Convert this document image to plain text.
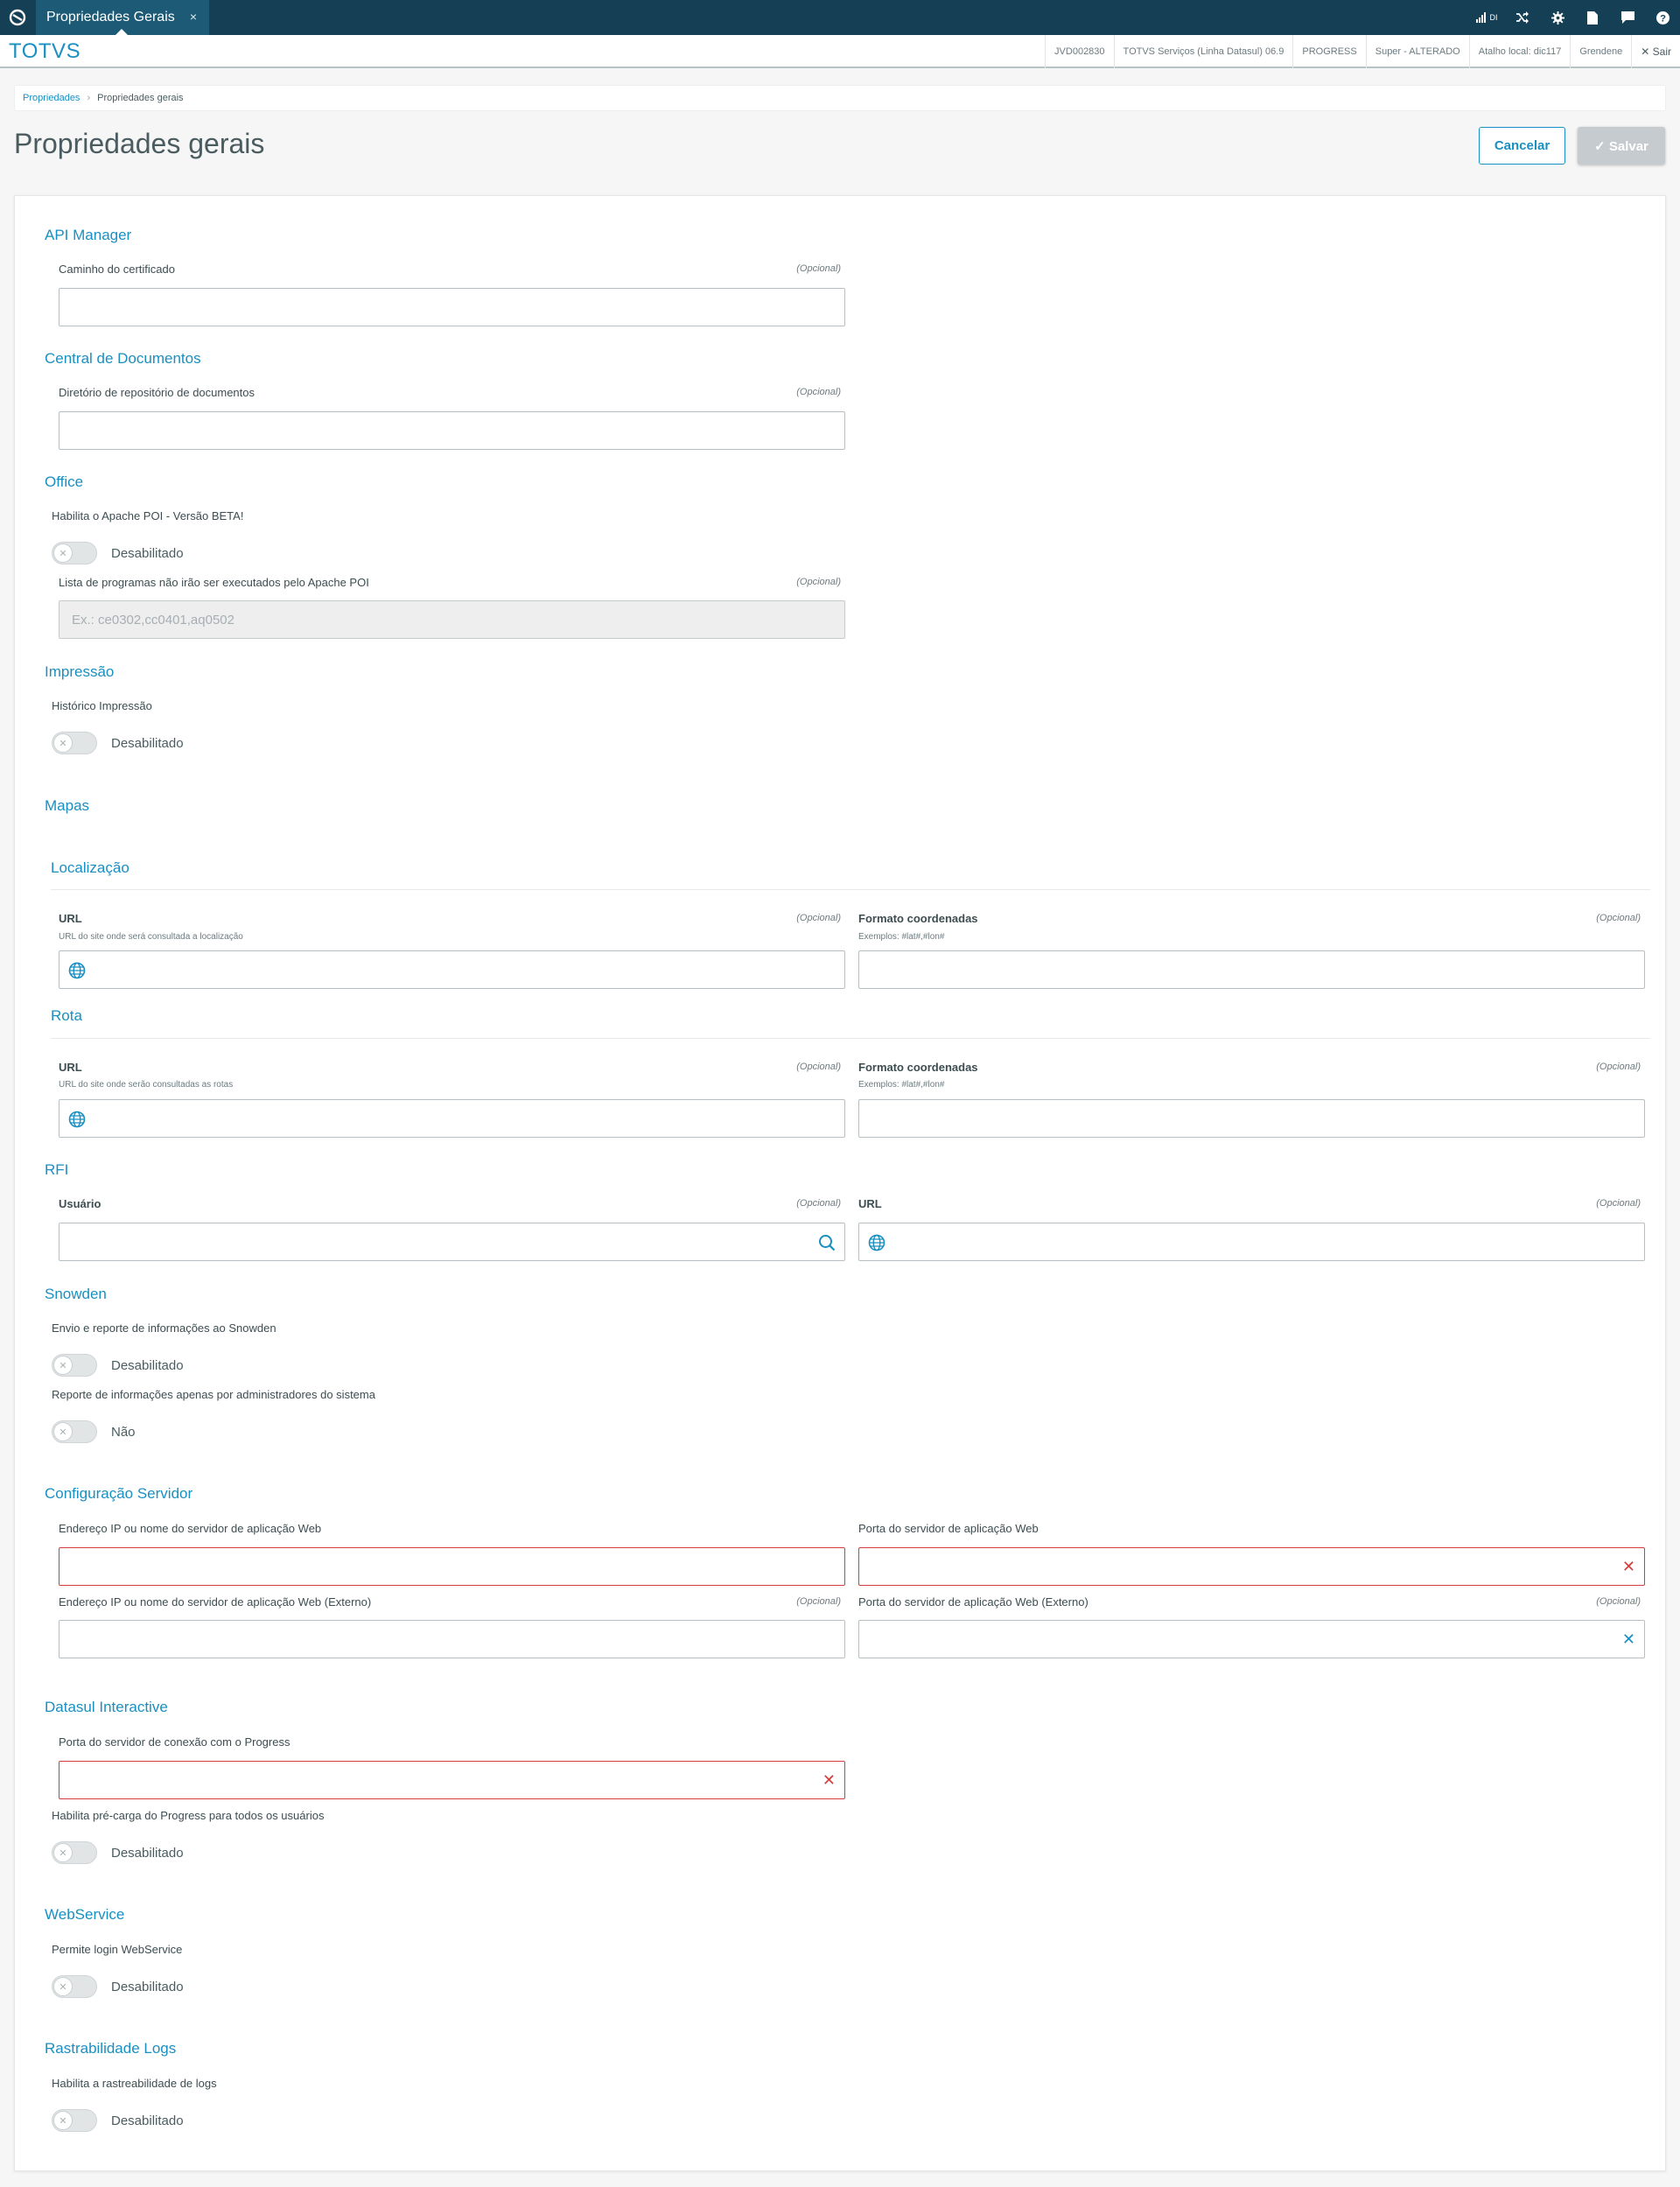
Propriedades Gerais ×	DI	?
TOTVS	JVD002830	TOTVS Serviços (Linha Datasul) 06.9	PROGRESS	Super - ALTERADO	Atalho local: dic117	Grendene	✕ Sair
Propriedades › Propriedades gerais
Propriedades gerais	Cancelar	✓ Salvar
API Manager
Caminho do certificado	(Opcional)
Central de Documentos
Diretório de repositório de documentos	(Opcional)
Office
Habilita o Apache POI - Versão BETA!
✕	Desabilitado
Lista de programas não irão ser executados pelo Apache POI	(Opcional)
Ex.: ce0302,cc0401,aq0502
Impressão
Histórico Impressão
✕	Desabilitado
Mapas
Localização
URL	(Opcional)
URL do site onde será consultada a localização
Formato coordenadas	(Opcional)
Exemplos: #lat#,#lon#
Rota
URL	(Opcional)
URL do site onde serão consultadas as rotas
Formato coordenadas	(Opcional)
Exemplos: #lat#,#lon#
RFI
Usuário	(Opcional) URL	(Opcional)
Snowden
Envio e reporte de informações ao Snowden
✕	Desabilitado
Reporte de informações apenas por administradores do sistema
✕	Não
Configuração Servidor
Endereço IP ou nome do servidor de aplicação Web	Porta do servidor de aplicação Web
✕
Endereço IP ou nome do servidor de aplicação Web (Externo)	(Opcional) Porta do servidor de aplicação Web (Externo)	(Opcional)
✕
Datasul Interactive
Porta do servidor de conexão com o Progress
✕
Habilita pré-carga do Progress para todos os usuários
✕	Desabilitado
WebService
Permite login WebService
✕	Desabilitado
Rastrabilidade Logs
Habilita a rastreabilidade de logs
✕	Desabilitado
